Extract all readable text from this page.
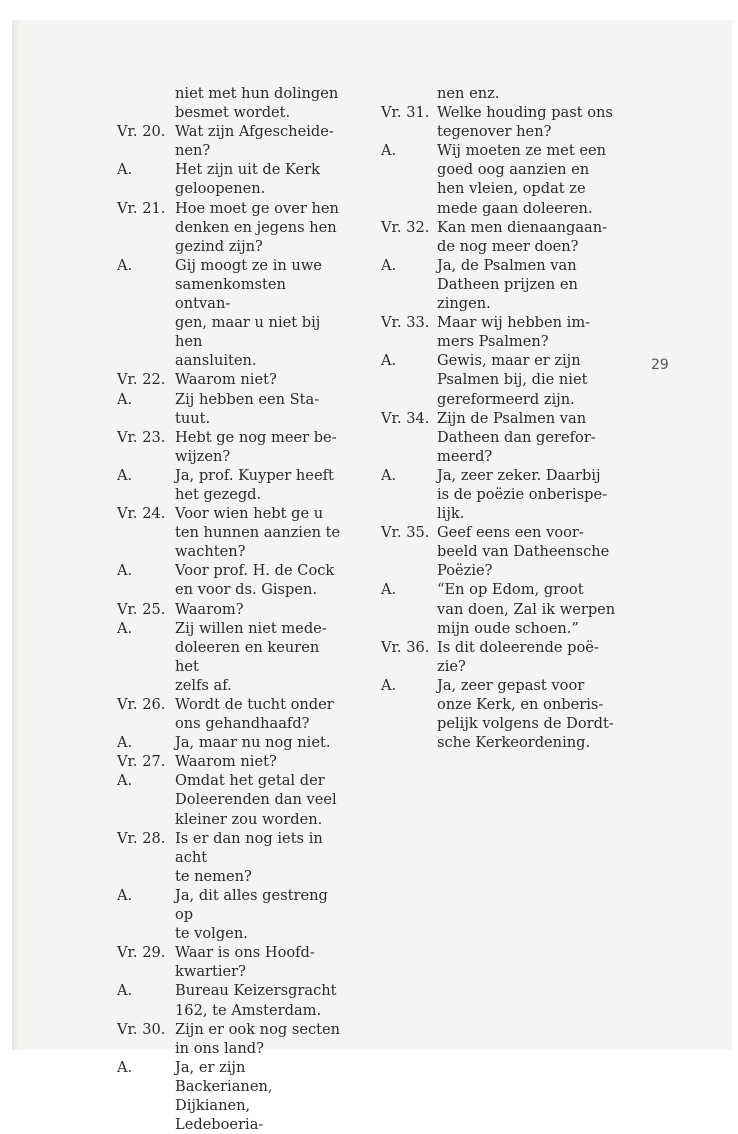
niet met hun dolingen
besmet wordet.
Vr. 20. Wat zijn Afgescheide-
nen?
A.	Het zijn uit de Kerk
geloopenen.
Vr. 21. Hoe moet ge over hen
denken en jegens hen
gezind zijn?
A.	Gij moogt ze in uwe
samenkomsten ontvan-
gen, maar u niet bij hen
aansluiten.
Vr. 22. Waarom niet?
A.	Zij hebben een Sta-
tuut.
Vr. 23. Hebt ge nog meer be-
wijzen?
A.	Ja, prof. Kuyper heeft
het gezegd.
Vr. 24. Voor wien hebt ge u
ten hunnen aanzien te
wachten?
A.	Voor prof. H. de Cock
en voor ds. Gispen.
Vr. 25. Waarom?
A.	Zij willen niet mede-
doleeren en keuren het
zelfs af.
Vr. 26. Wordt de tucht onder
ons gehandhaafd?
A.	Ja, maar nu nog niet.
Vr. 27. Waarom niet?
A.	Omdat het getal der
Doleerenden dan veel
kleiner zou worden.
Vr. 28. Is er dan nog iets in acht
te nemen?
A.	Ja, dit alles gestreng op
te volgen.
Vr. 29. Waar is ons Hoofd-
kwartier?
A.	Bureau Keizersgracht
162, te Amsterdam.
Vr. 30. Zijn er ook nog secten
in ons land?
A.	Ja, er zijn Backerianen,
Dijkianen, Ledeboeria-
nen enz.
Vr. 31. Welke houding past ons
tegenover hen?
A.	Wij moeten ze met een
goed oog aanzien en
hen vleien, opdat ze
mede gaan doleeren.
Vr. 32. Kan men dienaangaan-
de nog meer doen?
A.	Ja, de Psalmen van
Datheen prijzen en
zingen.
Vr. 33. Maar wij hebben im-
mers Psalmen?
A.	Gewis, maar er zijn
Psalmen bij, die niet
gereformeerd zijn.
Vr. 34. Zijn de Psalmen van
Datheen dan gerefor-
meerd?
A.	Ja, zeer zeker. Daarbij
is de poëzie onberispe-
lijk.
Vr. 35. Geef eens een voor-
beeld van Datheensche
Poëzie?
A.	“En op Edom, groot
van doen, Zal ik werpen
mijn oude schoen.”
Vr. 36. Is dit doleerende poë-
zie?
A.	Ja, zeer gepast voor
onze Kerk, en onberis-
pelijk volgens de Dordt-
sche Kerkeordening.
29
